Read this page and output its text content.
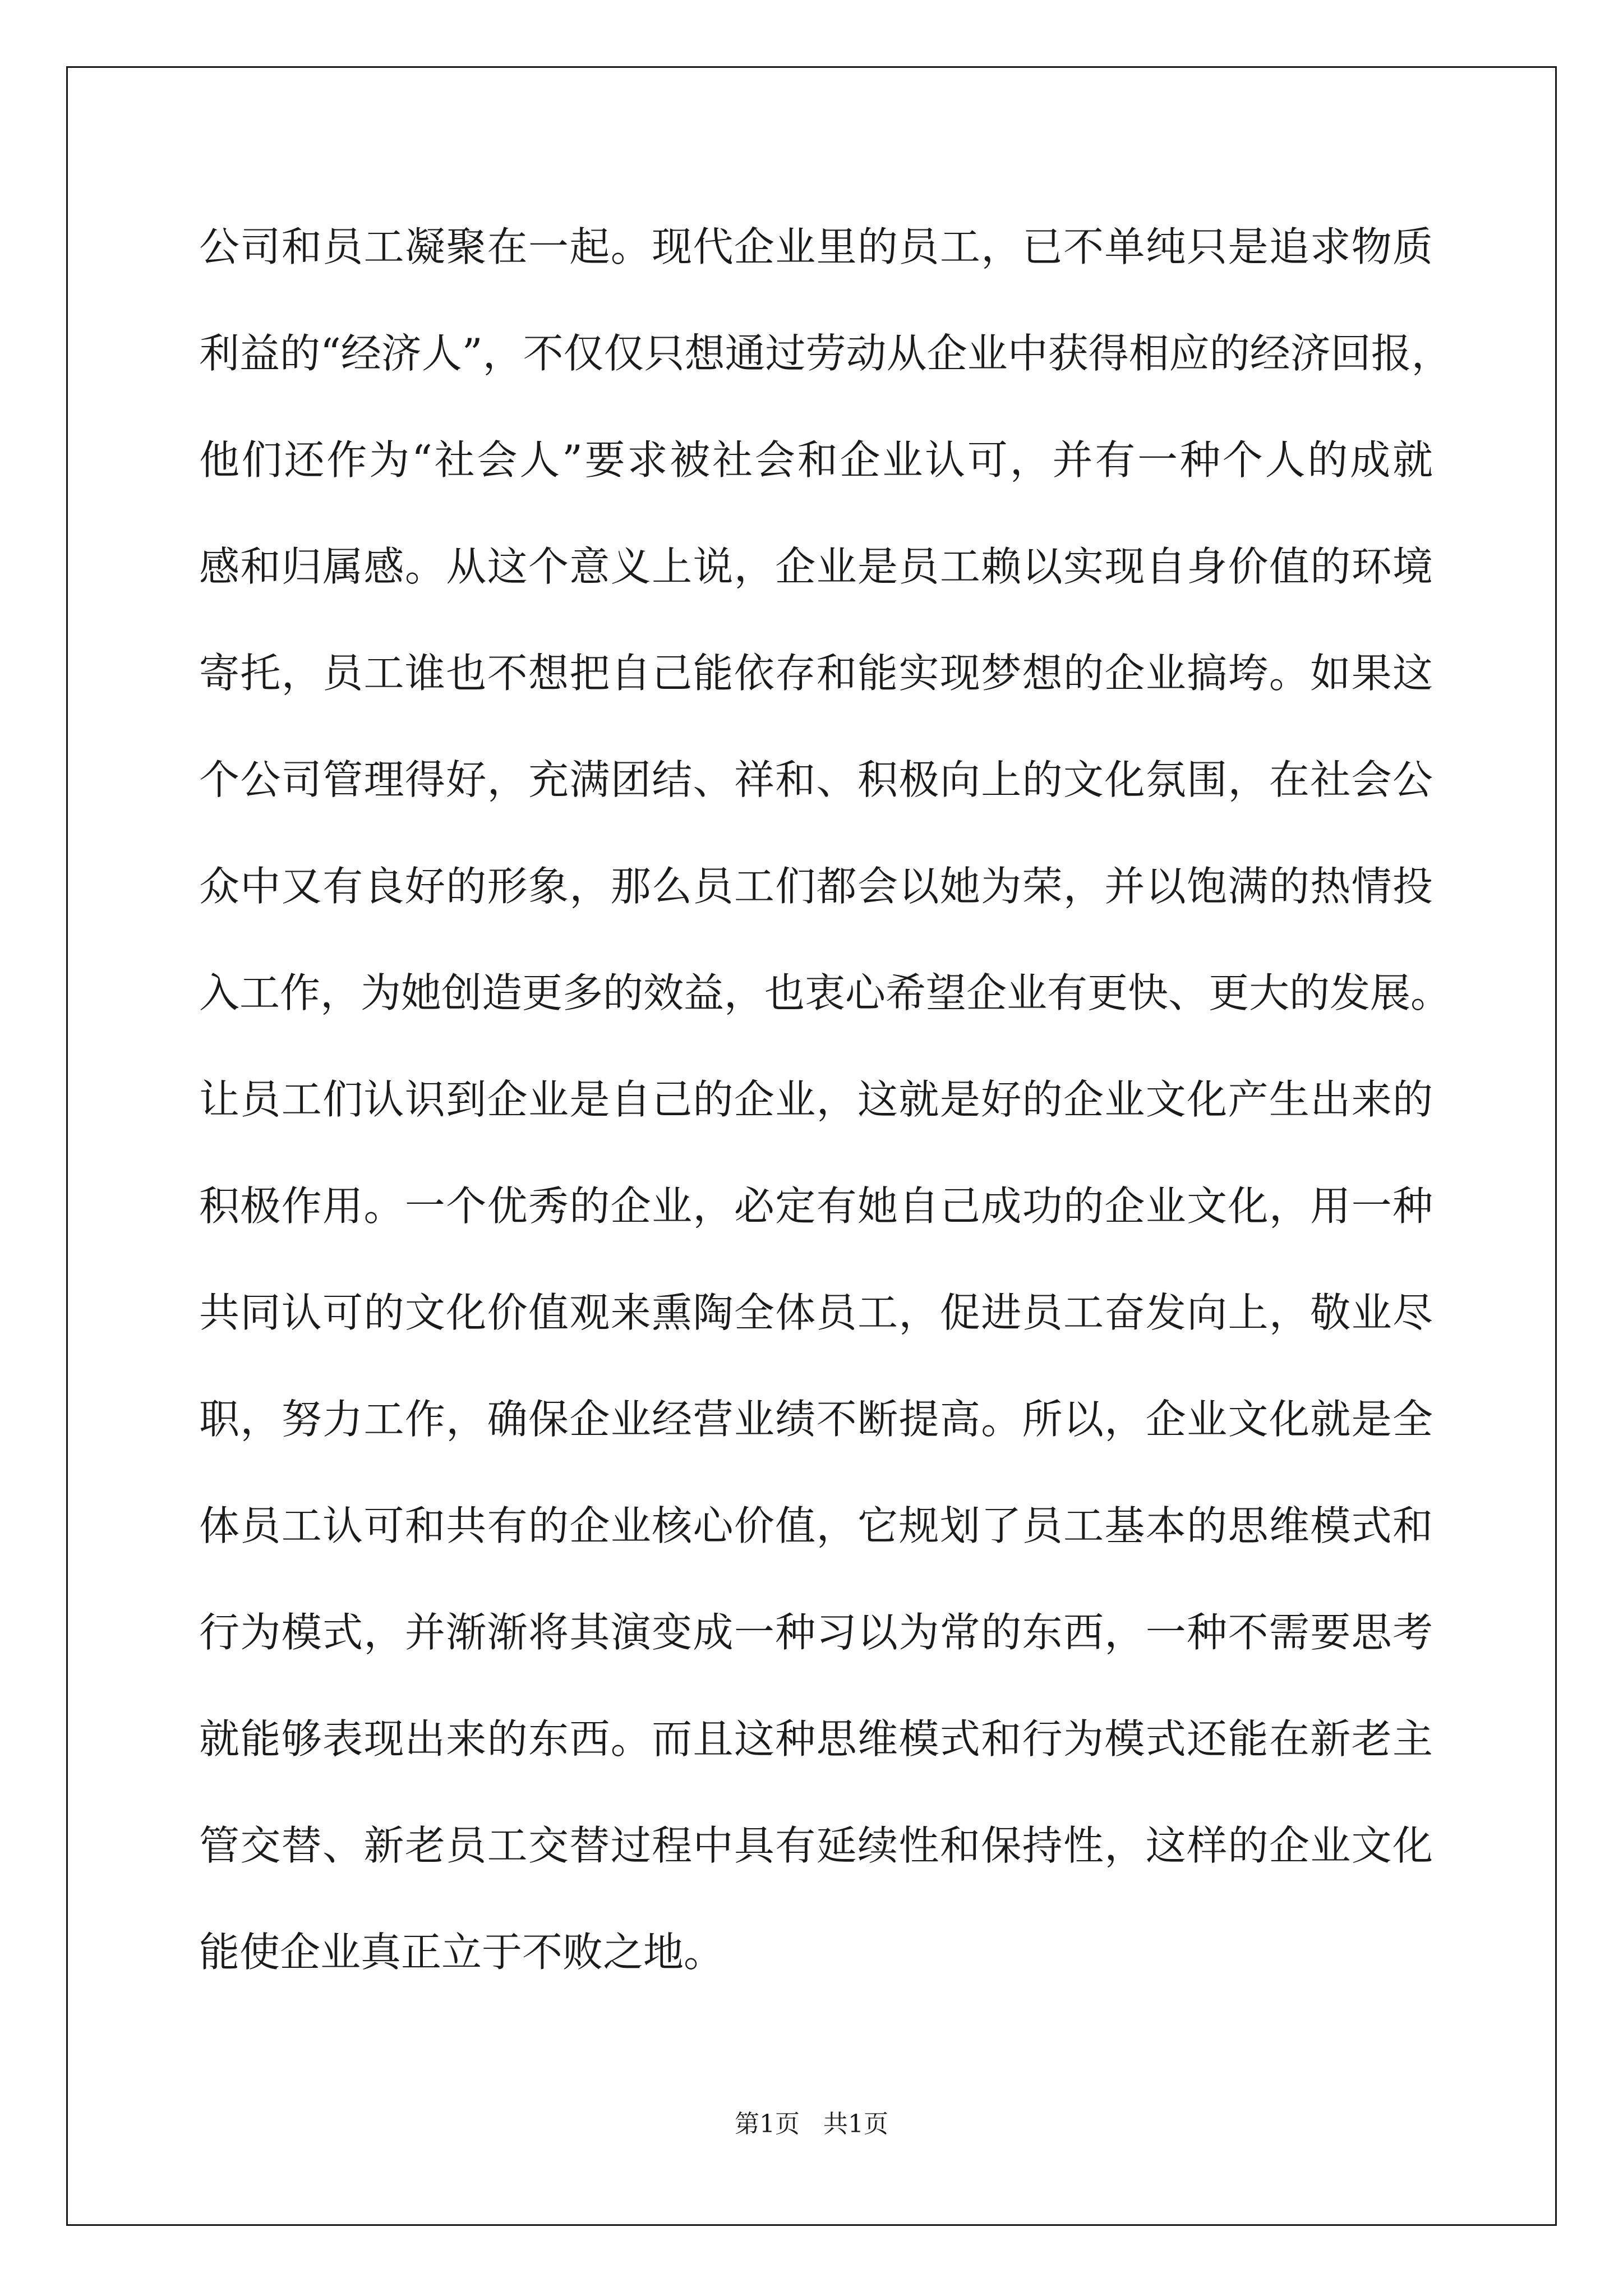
公司和员工凝聚在一起。现代企业里的员工，已不单纯只是追求物质
利益的“经济人”，不仅仅只想通过劳动从企业中获得相应的经济回报，
他们还作为“社会人”要求被社会和企业认可，并有一种个人的成就
感和归属感。从这个意义上说，企业是员工赖以实现自身价值的环境
寄托，员工谁也不想把自己能依存和能实现梦想的企业搞垮。如果这
个公司管理得好，充满团结、祥和、积极向上的文化氛围，在社会公
众中又有良好的形象，那么员工们都会以她为荣，并以饱满的热情投
入工作，为她创造更多的效益，也衷心希望企业有更快、更大的发展。
让员工们认识到企业是自己的企业，这就是好的企业文化产生出来的
积极作用。一个优秀的企业，必定有她自己成功的企业文化，用一种
共同认可的文化价值观来熏陶全体员工，促进员工奋发向上，敬业尽
职，努力工作，确保企业经营业绩不断提高。所以，企业文化就是全
体员工认可和共有的企业核心价值，它规划了员工基本的思维模式和
行为模式，并渐渐将其演变成一种习以为常的东西，一种不需要思考
就能够表现出来的东西。而且这种思维模式和行为模式还能在新老主
管交替、新老员工交替过程中具有延续性和保持性，这样的企业文化
能使企业真正立于不败之地。
第1页   共1页
